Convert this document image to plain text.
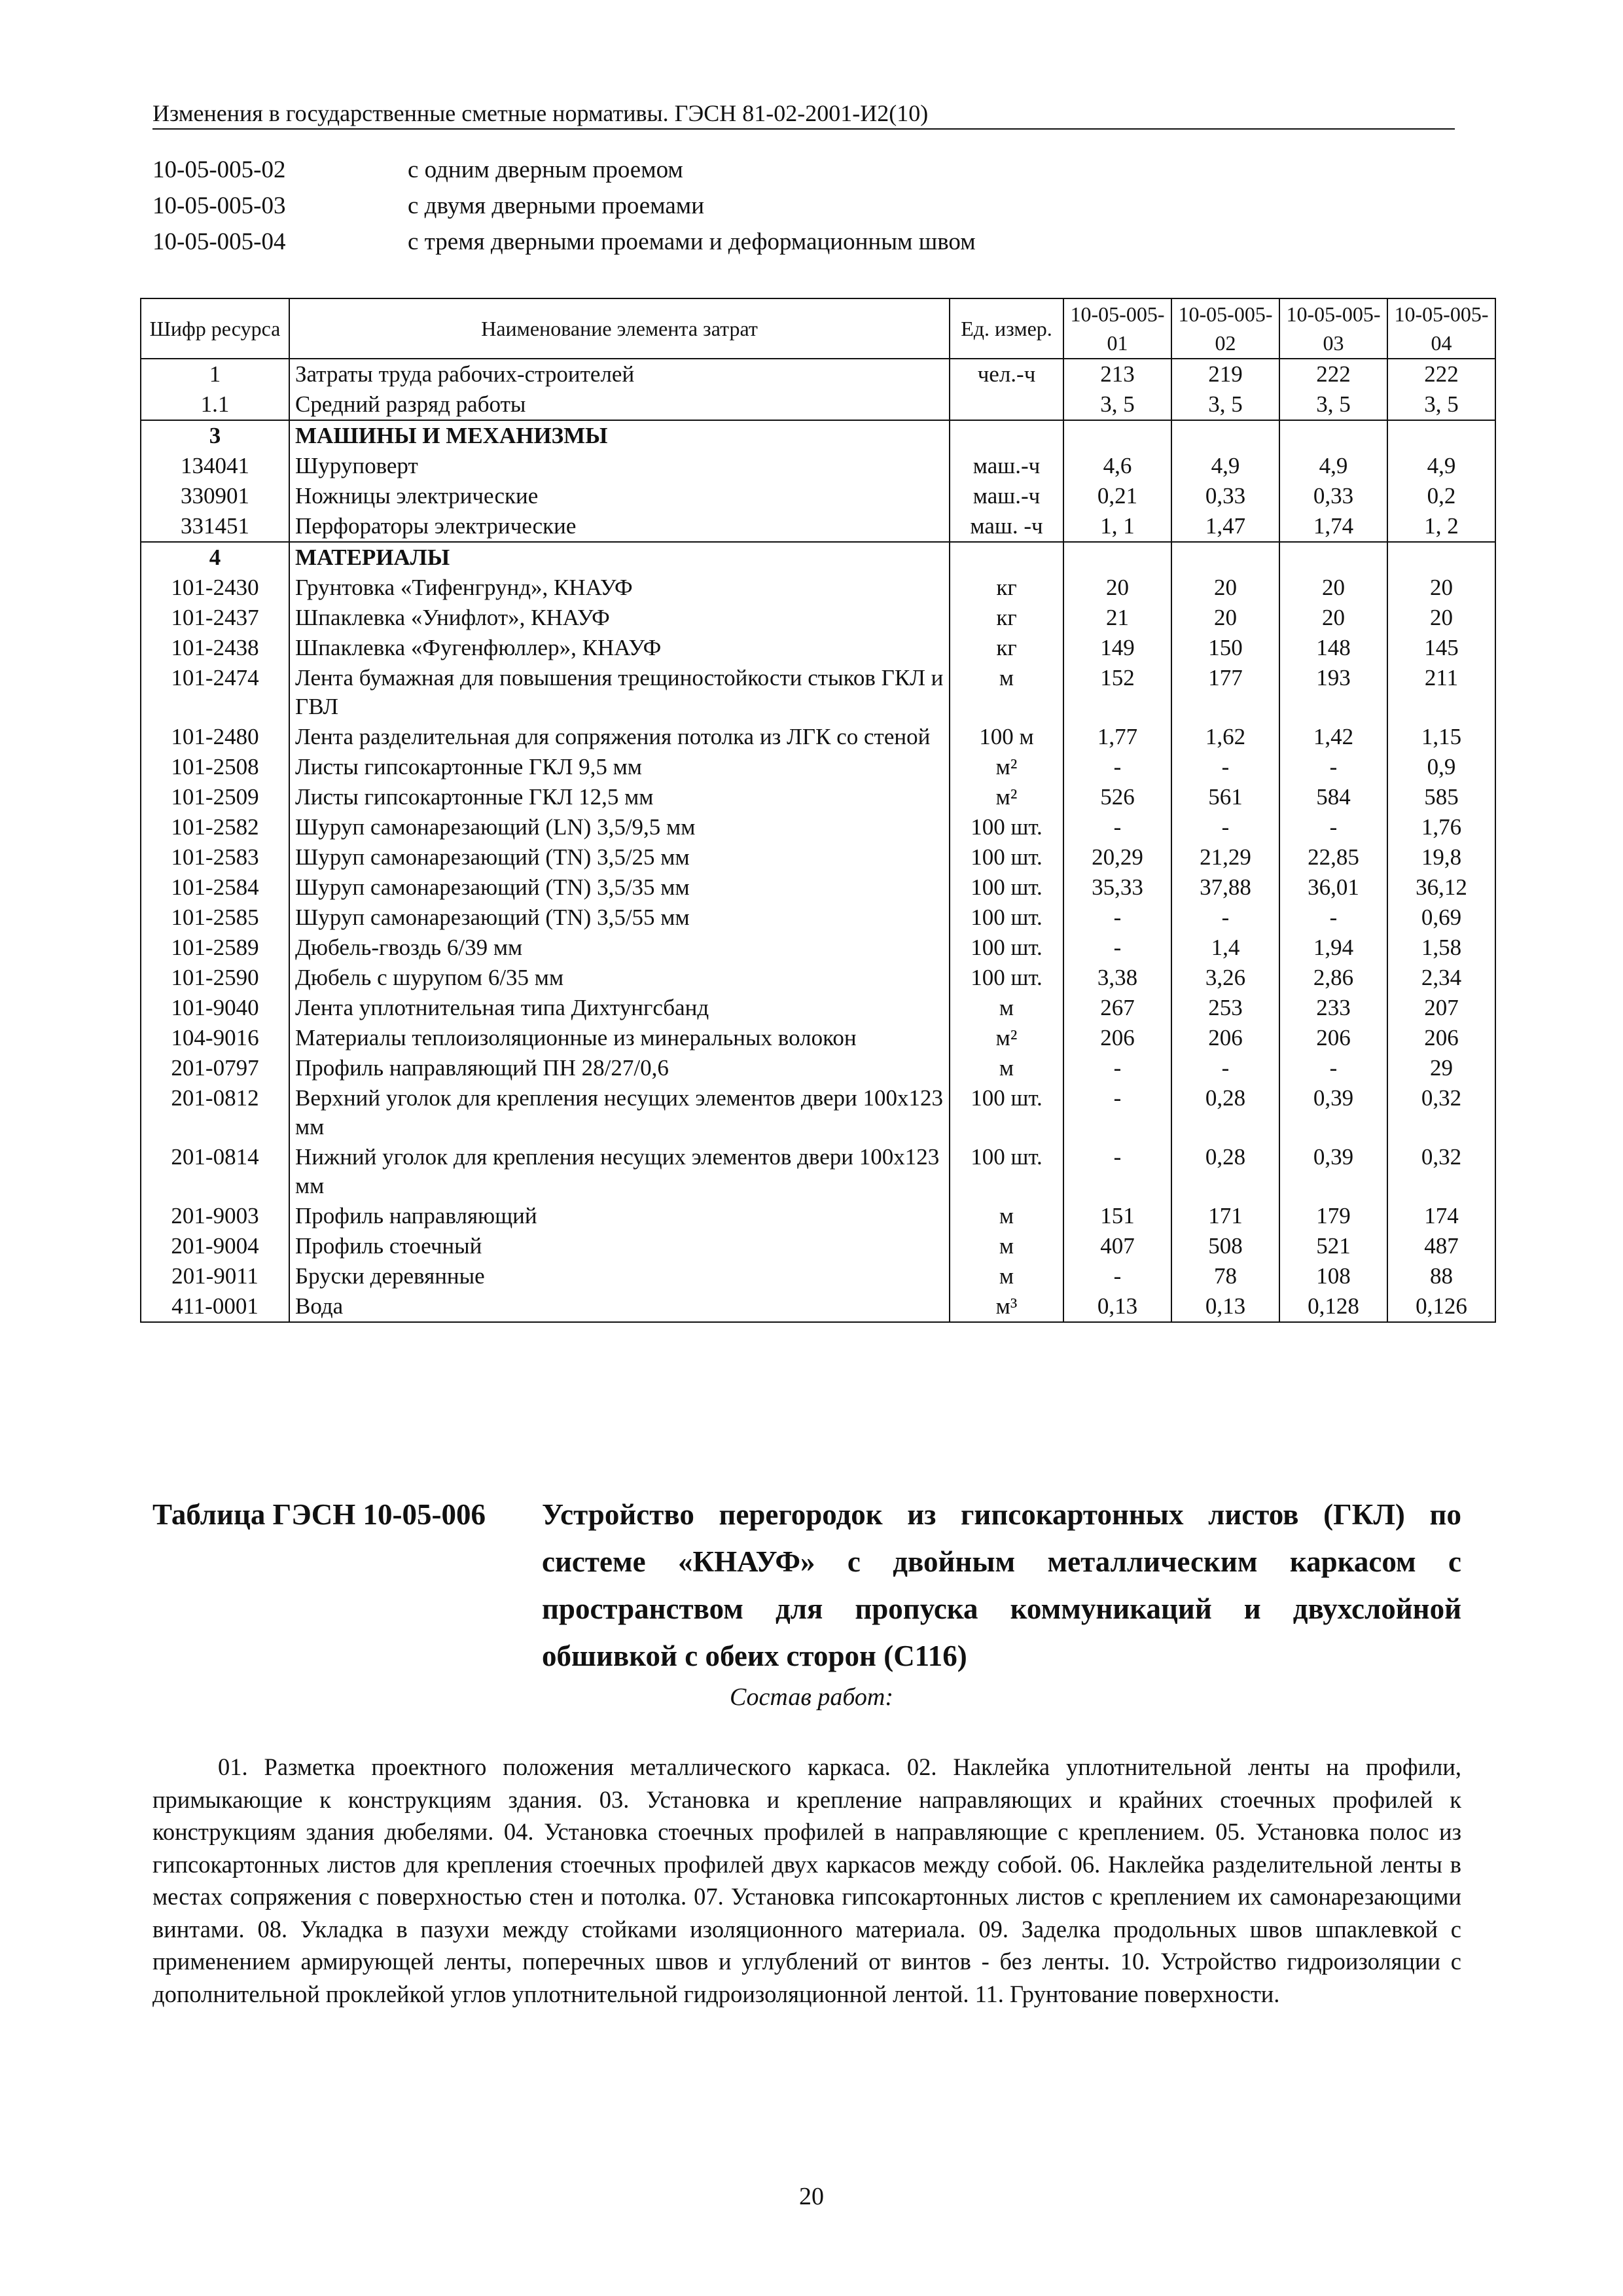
Изменения в государственные сметные нормативы. ГЭСН 81-02-2001-И2(10)
10-05-005-02	с одним дверным проемом
10-05-005-03	с двумя дверными проемами
10-05-005-04	с тремя дверными проемами и деформационным швом
Шифр ресурса	Наименование элемента затрат	Ед. измер.	10-05-005-01	10-05-005-02	10-05-005-03	10-05-005-04
1	Затраты труда рабочих-строителей	чел.-ч	213	219	222	222
1.1	Средний разряд работы		3, 5	3, 5	3, 5	3, 5
3	МАШИНЫ И МЕХАНИЗМЫ					
134041	Шуруповерт	маш.-ч	4,6	4,9	4,9	4,9
330901	Ножницы электрические	маш.-ч	0,21	0,33	0,33	0,2
331451	Перфораторы электрические	маш. -ч	1, 1	1,47	1,74	1, 2
4	МАТЕРИАЛЫ					
101-2430	Грунтовка «Тифенгрунд», КНАУФ	кг	20	20	20	20
101-2437	Шпаклевка «Унифлот», КНАУФ	кг	21	20	20	20
101-2438	Шпаклевка «Фугенфюллер», КНАУФ	кг	149	150	148	145
101-2474	Лента бумажная для повышения трещиностойкости стыков ГКЛ и ГВЛ	м	152	177	193	211
101-2480	Лента разделительная для сопряжения потолка из ЛГК со стеной	100 м	1,77	1,62	1,42	1,15
101-2508	Листы гипсокартонные ГКЛ 9,5 мм	м²	-	-	-	0,9
101-2509	Листы гипсокартонные ГКЛ 12,5 мм	м²	526	561	584	585
101-2582	Шуруп самонарезающий (LN) 3,5/9,5 мм	100 шт.	-	-	-	1,76
101-2583	Шуруп самонарезающий (TN) 3,5/25 мм	100 шт.	20,29	21,29	22,85	19,8
101-2584	Шуруп самонарезающий (TN) 3,5/35 мм	100 шт.	35,33	37,88	36,01	36,12
101-2585	Шуруп самонарезающий (TN) 3,5/55 мм	100 шт.	-	-	-	0,69
101-2589	Дюбель-гвоздь 6/39 мм	100 шт.	-	1,4	1,94	1,58
101-2590	Дюбель с шурупом 6/35 мм	100 шт.	3,38	3,26	2,86	2,34
101-9040	Лента уплотнительная типа Дихтунгсбанд	м	267	253	233	207
104-9016	Материалы теплоизоляционные из минеральных волокон	м²	206	206	206	206
201-0797	Профиль направляющий ПН 28/27/0,6	м	-	-	-	29
201-0812	Верхний уголок для крепления несущих элементов двери 100x123 мм	100 шт.	-	0,28	0,39	0,32
201-0814	Нижний уголок для крепления несущих элементов двери 100x123 мм	100 шт.	-	0,28	0,39	0,32
201-9003	Профиль направляющий	м	151	171	179	174
201-9004	Профиль стоечный	м	407	508	521	487
201-9011	Бруски деревянные	м	-	78	108	88
411-0001	Вода	м³	0,13	0,13	0,128	0,126
Таблица ГЭСН 10-05-006	Устройство перегородок из гипсокартонных листов (ГКЛ) по
системе «КНАУФ» с двойным металлическим каркасом с
пространством для пропуска коммуникаций и двухслойной
обшивкой с обеих сторон (С116)
Состав работ:
01. Разметка проектного положения металлического каркаса. 02. Наклейка уплотнительной ленты на профили, примыкающие к конструкциям здания. 03. Установка и крепление направляющих и крайних стоечных профилей к конструкциям здания дюбелями. 04. Установка стоечных профилей в направляющие с креплением. 05. Установка полос из гипсокартонных листов для крепления стоечных профилей двух каркасов между собой. 06. Наклейка разделительной ленты в местах сопряжения с поверхностью стен и потолка. 07. Установка гипсокартонных листов с креплением их самонарезающими винтами. 08. Укладка в пазухи между стойками изоляционного материала. 09. Заделка продольных швов шпаклевкой с применением армирующей ленты, поперечных швов и углублений от винтов - без ленты. 10. Устройство гидроизоляции с дополнительной проклейкой углов уплотнительной гидроизоляционной лентой. 11. Грунтование поверхности.
20
